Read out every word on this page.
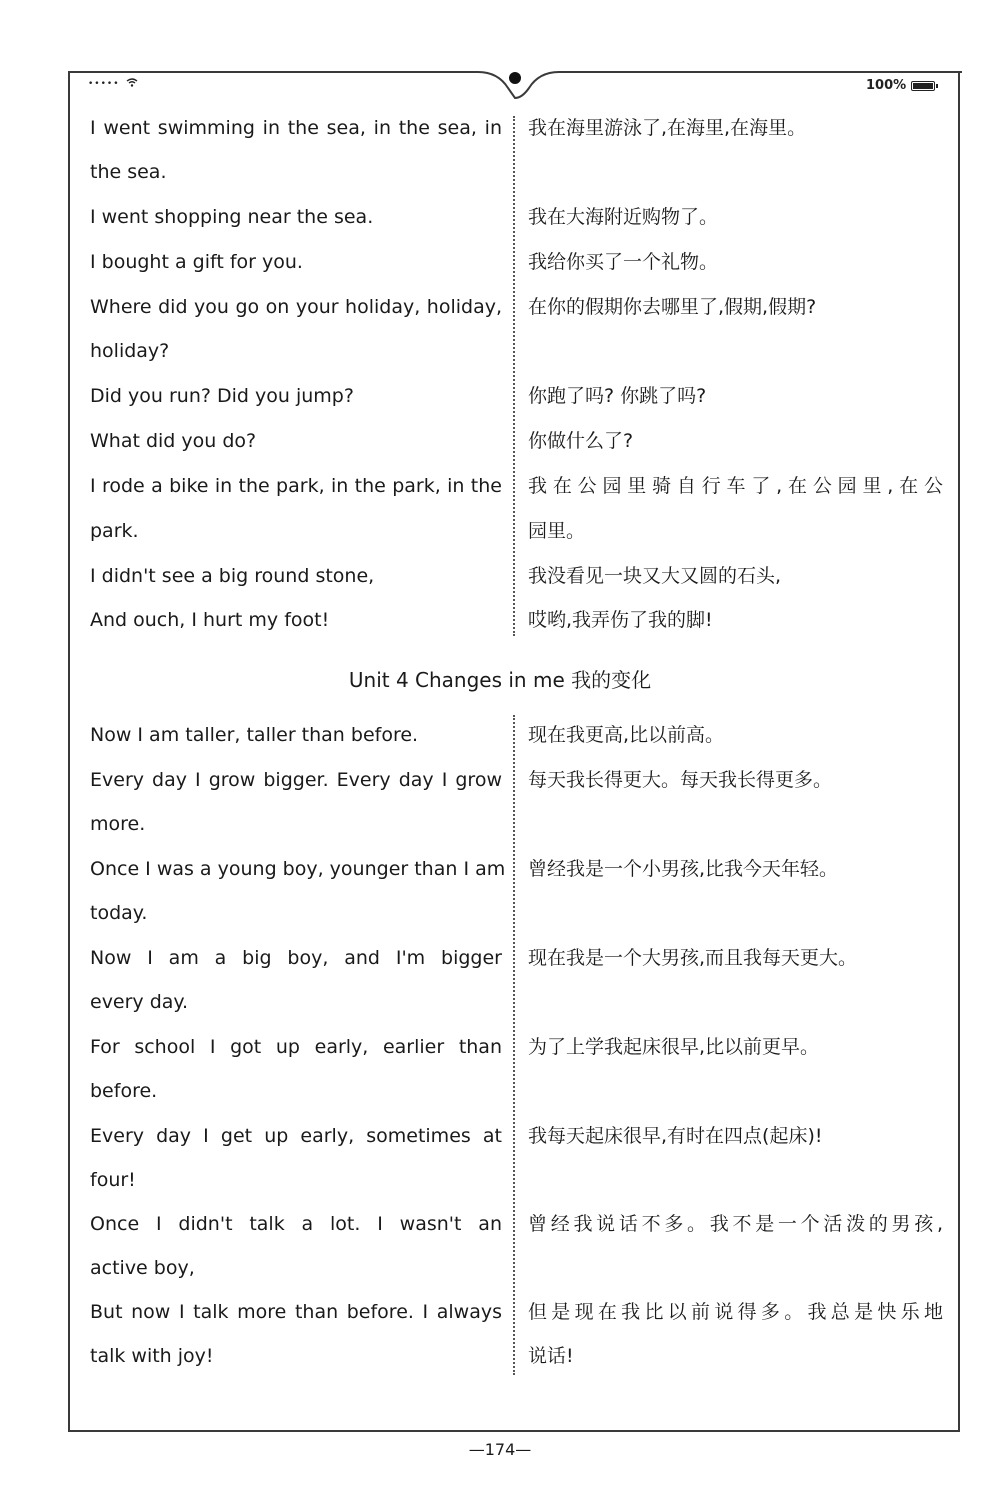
•••••	100%
I went swimming in the sea, in the sea, in 我在海里游泳了,在海里,在海里。
the sea.
I went shopping near the sea.	我在大海附近购物了。
I bought a gift for you.	我给你买了一个礼物。
Where did you go on your holiday, holiday, 在你的假期你去哪里了,假期,假期?
holiday?
Did you run? Did you jump?	你跑了吗? 你跳了吗?
What did you do?	你做什么了?
I rode a bike in the park, in the park, in the 我在公园里骑自行车了,在公园里,在公
park.	园里。
I didn't see a big round stone,	我没看见一块又大又圆的石头,
And ouch, I hurt my foot!	哎哟,我弄伤了我的脚!
Unit 4 Changes in me 我的变化
Now I am taller, taller than before.	现在我更高,比以前高。
Every day I grow bigger. Every day I grow 每天我长得更大。每天我长得更多。
more.
Once I was a young boy, younger than I am 曾经我是一个小男孩,比我今天年轻。
today.
Now I am a big boy, and I'm bigger 现在我是一个大男孩,而且我每天更大。
every day.
For school I got up early, earlier than 为了上学我起床很早,比以前更早。
before.
Every day I get up early, sometimes at 我每天起床很早,有时在四点(起床)!
four!
Once I didn't talk a lot. I wasn't an 曾经我说话不多。我不是一个活泼的男孩,
active boy,
But now I talk more than before. I always 但是现在我比以前说得多。我总是快乐地
talk with joy!	说话!
—174—
